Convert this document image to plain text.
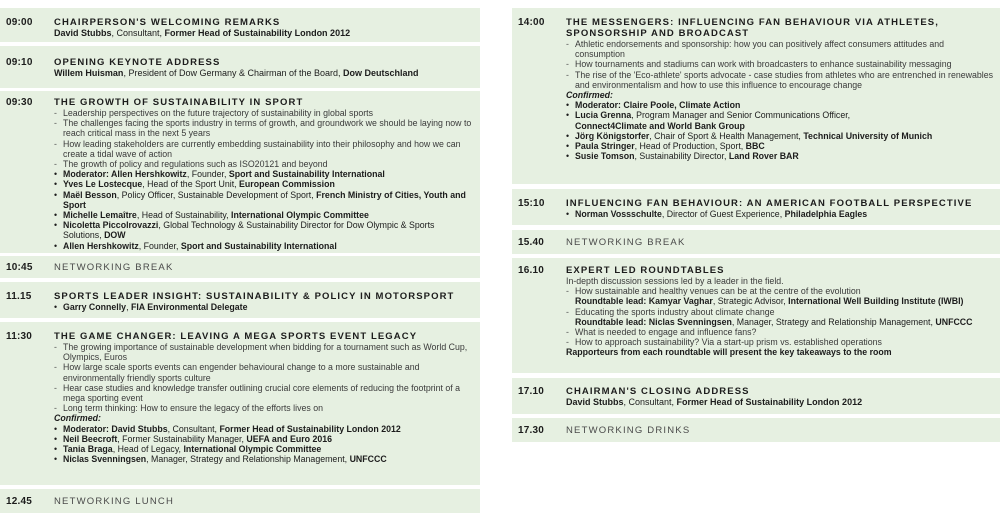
09:00 CHAIRPERSON'S WELCOMING REMARKS
David Stubbs, Consultant, Former Head of Sustainability London 2012
09:10 OPENING KEYNOTE ADDRESS
Willem Huisman, President of Dow Germany & Chairman of the Board, Dow Deutschland
09:30 THE GROWTH OF SUSTAINABILITY IN SPORT
- Leadership perspectives on the future trajectory of sustainability in global sports
- The challenges facing the sports industry in terms of growth, and groundwork we should be laying now to reach critical mass in the next 5 years
- How leading stakeholders are currently embedding sustainability into their philosophy and how we can create a tidal wave of action
- The growth of policy and regulations such as ISO20121 and beyond
• Moderator: Allen Hershkowitz, Founder, Sport and Sustainability International
• Yves Le Lostecque, Head of the Sport Unit, European Commission
• Maël Besson, Policy Officer, Sustainable Development of Sport, French Ministry of Cities, Youth and Sport
• Michelle Lemaître, Head of Sustainability, International Olympic Committee
• Nicoletta Piccolrovazzi, Global Technology & Sustainability Director for Dow Olympic & Sports Solutions, DOW
• Allen Hershkowitz, Founder, Sport and Sustainability International
10:45 NETWORKING BREAK
11.15 SPORTS LEADER INSIGHT: SUSTAINABILITY & POLICY IN MOTORSPORT
• Garry Connelly, FIA Environmental Delegate
11:30 THE GAME CHANGER: LEAVING A MEGA SPORTS EVENT LEGACY
- The growing importance of sustainable development when bidding for a tournament such as World Cup, Olympics, Euros
- How large scale sports events can engender behavioural change to a more sustainable and environmentally friendly sports culture
- Hear case studies and knowledge transfer outlining crucial core elements of reducing the footprint of a mega sporting event
- Long term thinking: How to ensure the legacy of the efforts lives on
Confirmed:
• Moderator: David Stubbs, Consultant, Former Head of Sustainability London 2012
• Neil Beecroft, Former Sustainability Manager, UEFA and Euro 2016
• Tania Braga, Head of Legacy, International Olympic Committee
• Niclas Svenningsen, Manager, Strategy and Relationship Management, UNFCCC
12.45 NETWORKING LUNCH
14:00 THE MESSENGERS: INFLUENCING FAN BEHAVIOUR VIA ATHLETES, SPONSORSHIP AND BROADCAST
- Athletic endorsements and sponsorship: how you can positively affect consumers attitudes and consumption
- How tournaments and stadiums can work with broadcasters to enhance sustainability messaging
- The rise of the 'Eco-athlete' sports advocate - case studies from athletes who are entrenched in renewables and environmentalism and how to use this influence to encourage change
Confirmed:
• Moderator: Claire Poole, Climate Action
• Lucia Grenna, Program Manager and Senior Communications Officer,
Connect4Climate and World Bank Group
• Jörg Königstorfer, Chair of Sport & Health Management, Technical University of Munich
• Paula Stringer, Head of Production, Sport, BBC
• Susie Tomson, Sustainability Director, Land Rover BAR
15:10 INFLUENCING FAN BEHAVIOUR: AN AMERICAN FOOTBALL PERSPECTIVE
• Norman Vossschulte, Director of Guest Experience, Philadelphia Eagles
15.40 NETWORKING BREAK
16.10 EXPERT LED ROUNDTABLES
In-depth discussion sessions led by a leader in the field.
- How sustainable and healthy venues can be at the centre of the evolution
Roundtable lead: Kamyar Vaghar, Strategic Advisor, International Well Building Institute (IWBI)
- Educating the sports industry about climate change
Roundtable lead: Niclas Svenningsen, Manager, Strategy and Relationship Management, UNFCCC
- What is needed to engage and influence fans?
- How to approach sustainability? Via a start-up prism vs. established operations
Rapporteurs from each roundtable will present the key takeaways to the room
17.10 CHAIRMAN'S CLOSING ADDRESS
David Stubbs, Consultant, Former Head of Sustainability London 2012
17.30 NETWORKING DRINKS
